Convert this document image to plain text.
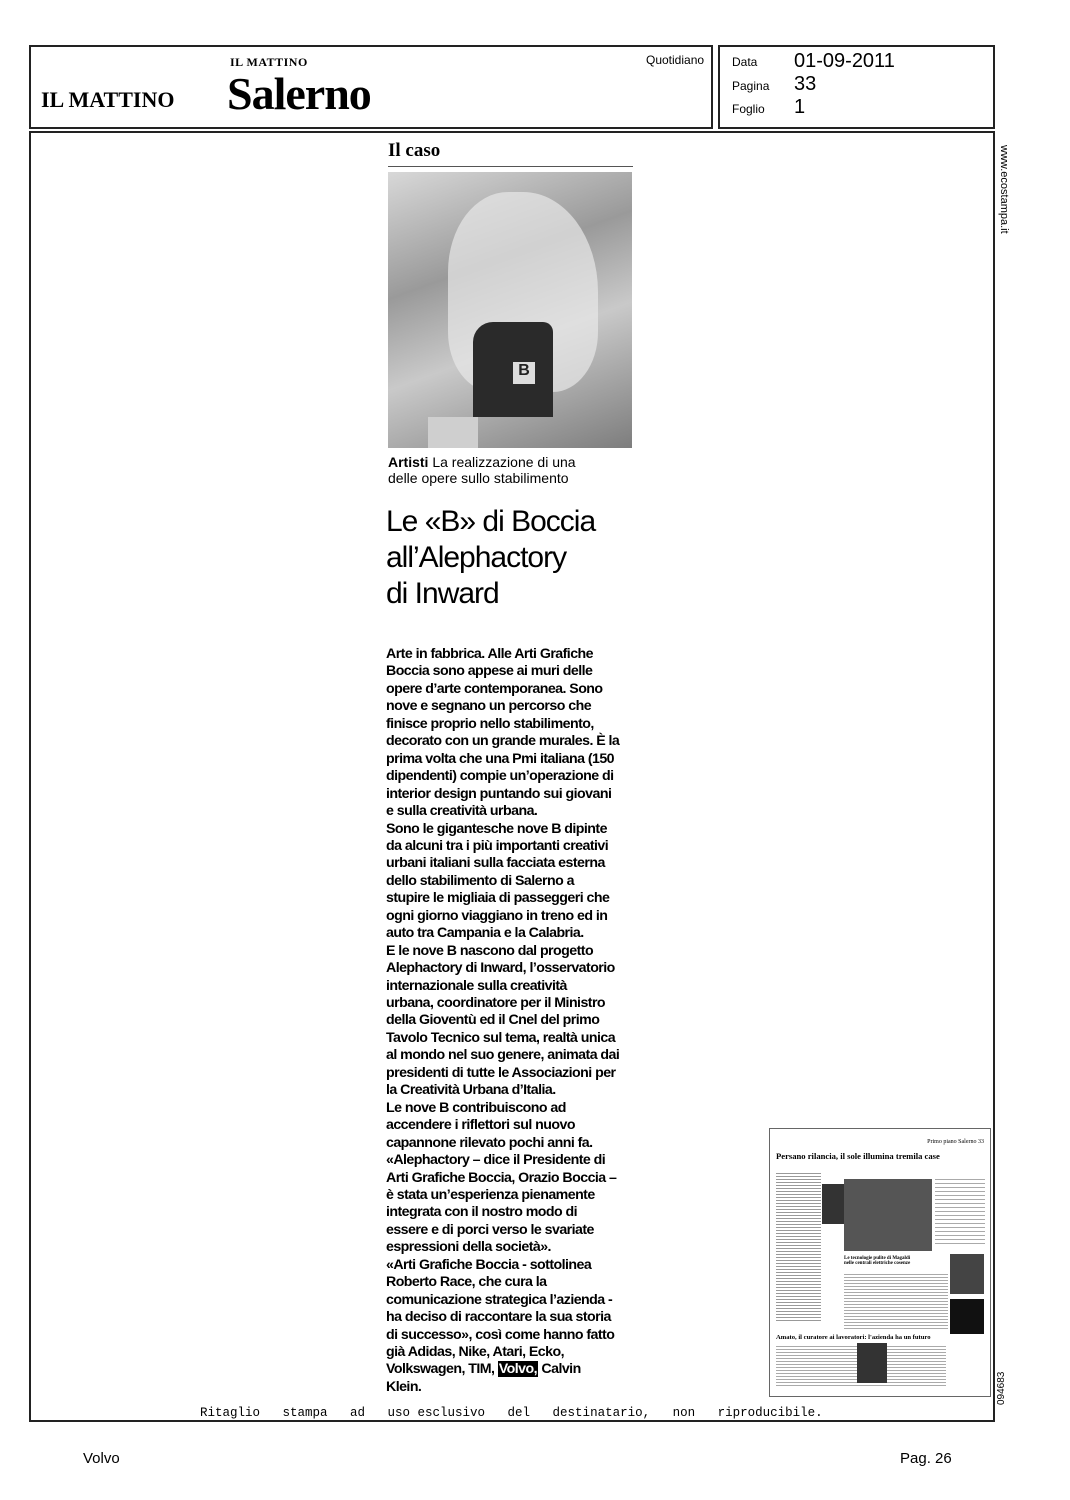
IL MATTINO
IL MATTINO Salerno
Quotidiano Data 01-09-2011
Pagina 33
Foglio 1
Il caso
B
Artisti La realizzazione di una
delle opere sullo stabilimento
Le «B» di Boccia
all’Alephactory
di Inward
Arte in fabbrica. Alle Arti Grafiche
Boccia sono appese ai muri delle
opere d’arte contemporanea. Sono
nove e segnano un percorso che
finisce proprio nello stabilimento,
decorato con un grande murales. È la
prima volta che una Pmi italiana (150
dipendenti) compie un’operazione di
interior design puntando sui giovani
e sulla creatività urbana.
Sono le gigantesche nove B dipinte
da alcuni tra i più importanti creativi
urbani italiani sulla facciata esterna
dello stabilimento di Salerno a
stupire le migliaia di passeggeri che
ogni giorno viaggiano in treno ed in
auto tra Campania e la Calabria.
E le nove B nascono dal progetto
Alephactory di Inward, l’osservatorio
internazionale sulla creatività
urbana, coordinatore per il Ministro
della Gioventù ed il Cnel del primo
Tavolo Tecnico sul tema, realtà unica
al mondo nel suo genere, animata dai
presidenti di tutte le Associazioni per
la Creatività Urbana d’Italia.
Le nove B contribuiscono ad
accendere i riflettori sul nuovo
capannone rilevato pochi anni fa.
«Alephactory – dice il Presidente di
Arti Grafiche Boccia, Orazio Boccia –
è stata un’esperienza pienamente
integrata con il nostro modo di
essere e di porci verso le svariate
espressioni della società».
«Arti Grafiche Boccia - sottolinea
Roberto Race, che cura la
comunicazione strategica l’azienda -
ha deciso di raccontare la sua storia
di successo», così come hanno fatto
già Adidas, Nike, Atari, Ecko,
Volkswagen, TIM, Volvo, Calvin
Klein.
Primo piano Salerno 33
Persano rilancia, il sole illumina tremila case
Le tecnologie pulite di Magaldi nelle centrali elettriche cosenze
Amato, il curatore ai lavoratori: l'azienda ha un futuro
www.ecostampa.it
094683
Ritaglio   stampa   ad   uso esclusivo   del   destinatario,   non   riproducibile.
Volvo	Pag. 26
